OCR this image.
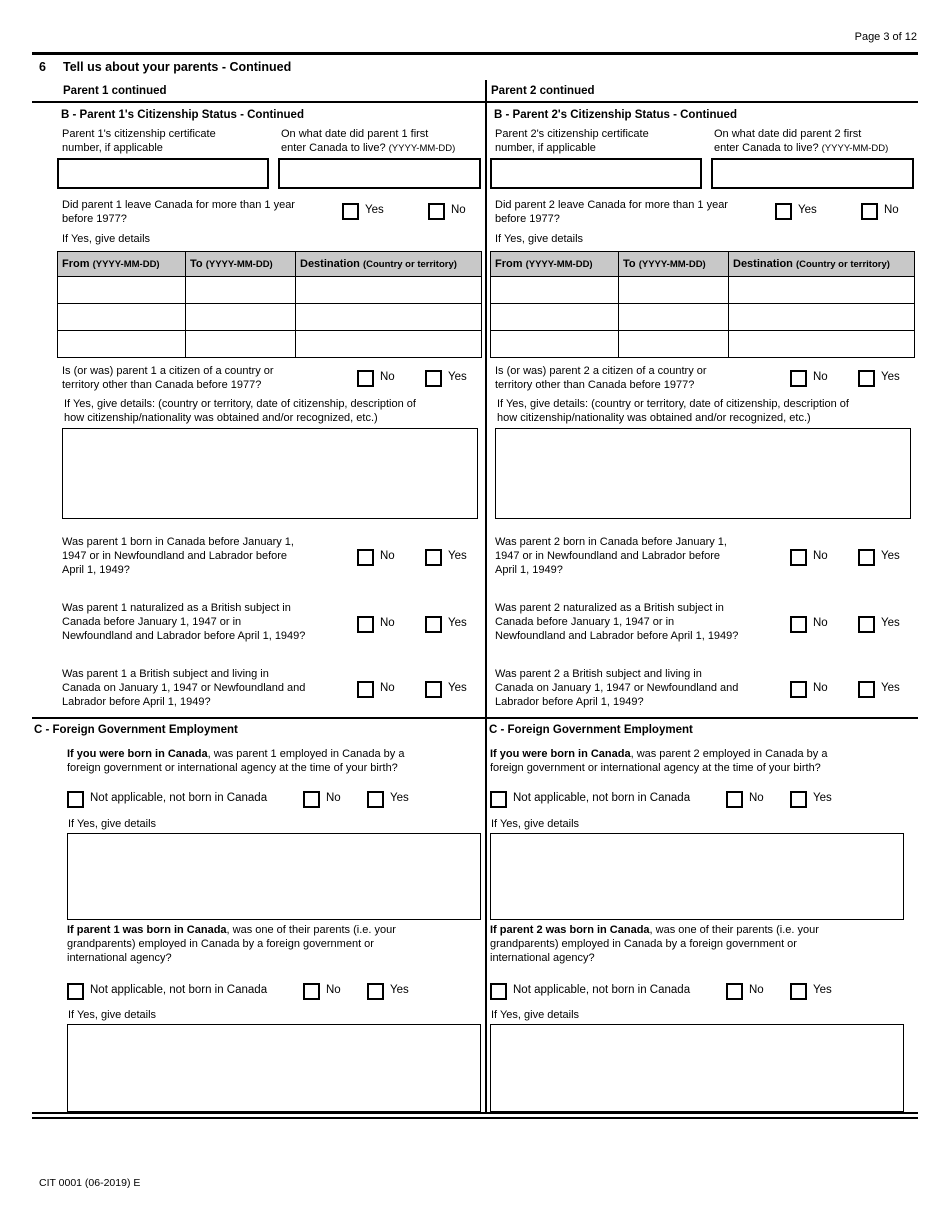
Page 3 of 12
6 Tell us about your parents - Continued
Parent 1 continued	Parent 2 continued
B - Parent 1's Citizenship Status - Continued
Parent 1's citizenship certificate
number, if applicable
On what date did parent 1 first
enter Canada to live? (YYYY-MM-DD)
Did parent 1 leave Canada for more than 1 year
before 1977?
Yes	No
If Yes, give details
From (YYYY-MM-DD)	To (YYYY-MM-DD)	Destination (Country or territory)

Is (or was) parent 1 a citizen of a country or
territory other than Canada before 1977?
No	Yes
If Yes, give details: (country or territory, date of citizenship, description of
how citizenship/nationality was obtained and/or recognized, etc.)
Was parent 1 born in Canada before January 1,
1947 or in Newfoundland and Labrador before
April 1, 1949?
No	Yes
Was parent 1 naturalized as a British subject in
Canada before January 1, 1947 or in
Newfoundland and Labrador before April 1, 1949?
No	Yes
Was parent 1 a British subject and living in
Canada on January 1, 1947 or Newfoundland and
Labrador before April 1, 1949?
No	Yes
C - Foreign Government Employment
If you were born in Canada, was parent 1 employed in Canada by a
foreign government or international agency at the time of your birth?
Not applicable, not born in Canada	No	Yes
If Yes, give details
If parent 1 was born in Canada, was one of their parents (i.e. your
grandparents) employed in Canada by a foreign government or
international agency?
Not applicable, not born in Canada	No	Yes
If Yes, give details
B - Parent 2's Citizenship Status - Continued
Parent 2's citizenship certificate
number, if applicable
On what date did parent 2 first
enter Canada to live? (YYYY-MM-DD)
Did parent 2 leave Canada for more than 1 year
before 1977?
Yes	No
If Yes, give details
From (YYYY-MM-DD)	To (YYYY-MM-DD)	Destination (Country or territory)

Is (or was) parent 2 a citizen of a country or
territory other than Canada before 1977?
No	Yes
If Yes, give details: (country or territory, date of citizenship, description of
how citizenship/nationality was obtained and/or recognized, etc.)
Was parent 2 born in Canada before January 1,
1947 or in Newfoundland and Labrador before
April 1, 1949?
No	Yes
Was parent 2 naturalized as a British subject in
Canada before January 1, 1947 or in
Newfoundland and Labrador before April 1, 1949?
No	Yes
Was parent 2 a British subject and living in
Canada on January 1, 1947 or Newfoundland and
Labrador before April 1, 1949?
No	Yes
C - Foreign Government Employment
If you were born in Canada, was parent 2 employed in Canada by a
foreign government or international agency at the time of your birth?
Not applicable, not born in Canada	No	Yes
If Yes, give details
If parent 2 was born in Canada, was one of their parents (i.e. your
grandparents) employed in Canada by a foreign government or
international agency?
Not applicable, not born in Canada	No	Yes
If Yes, give details
CIT 0001 (06-2019) E
